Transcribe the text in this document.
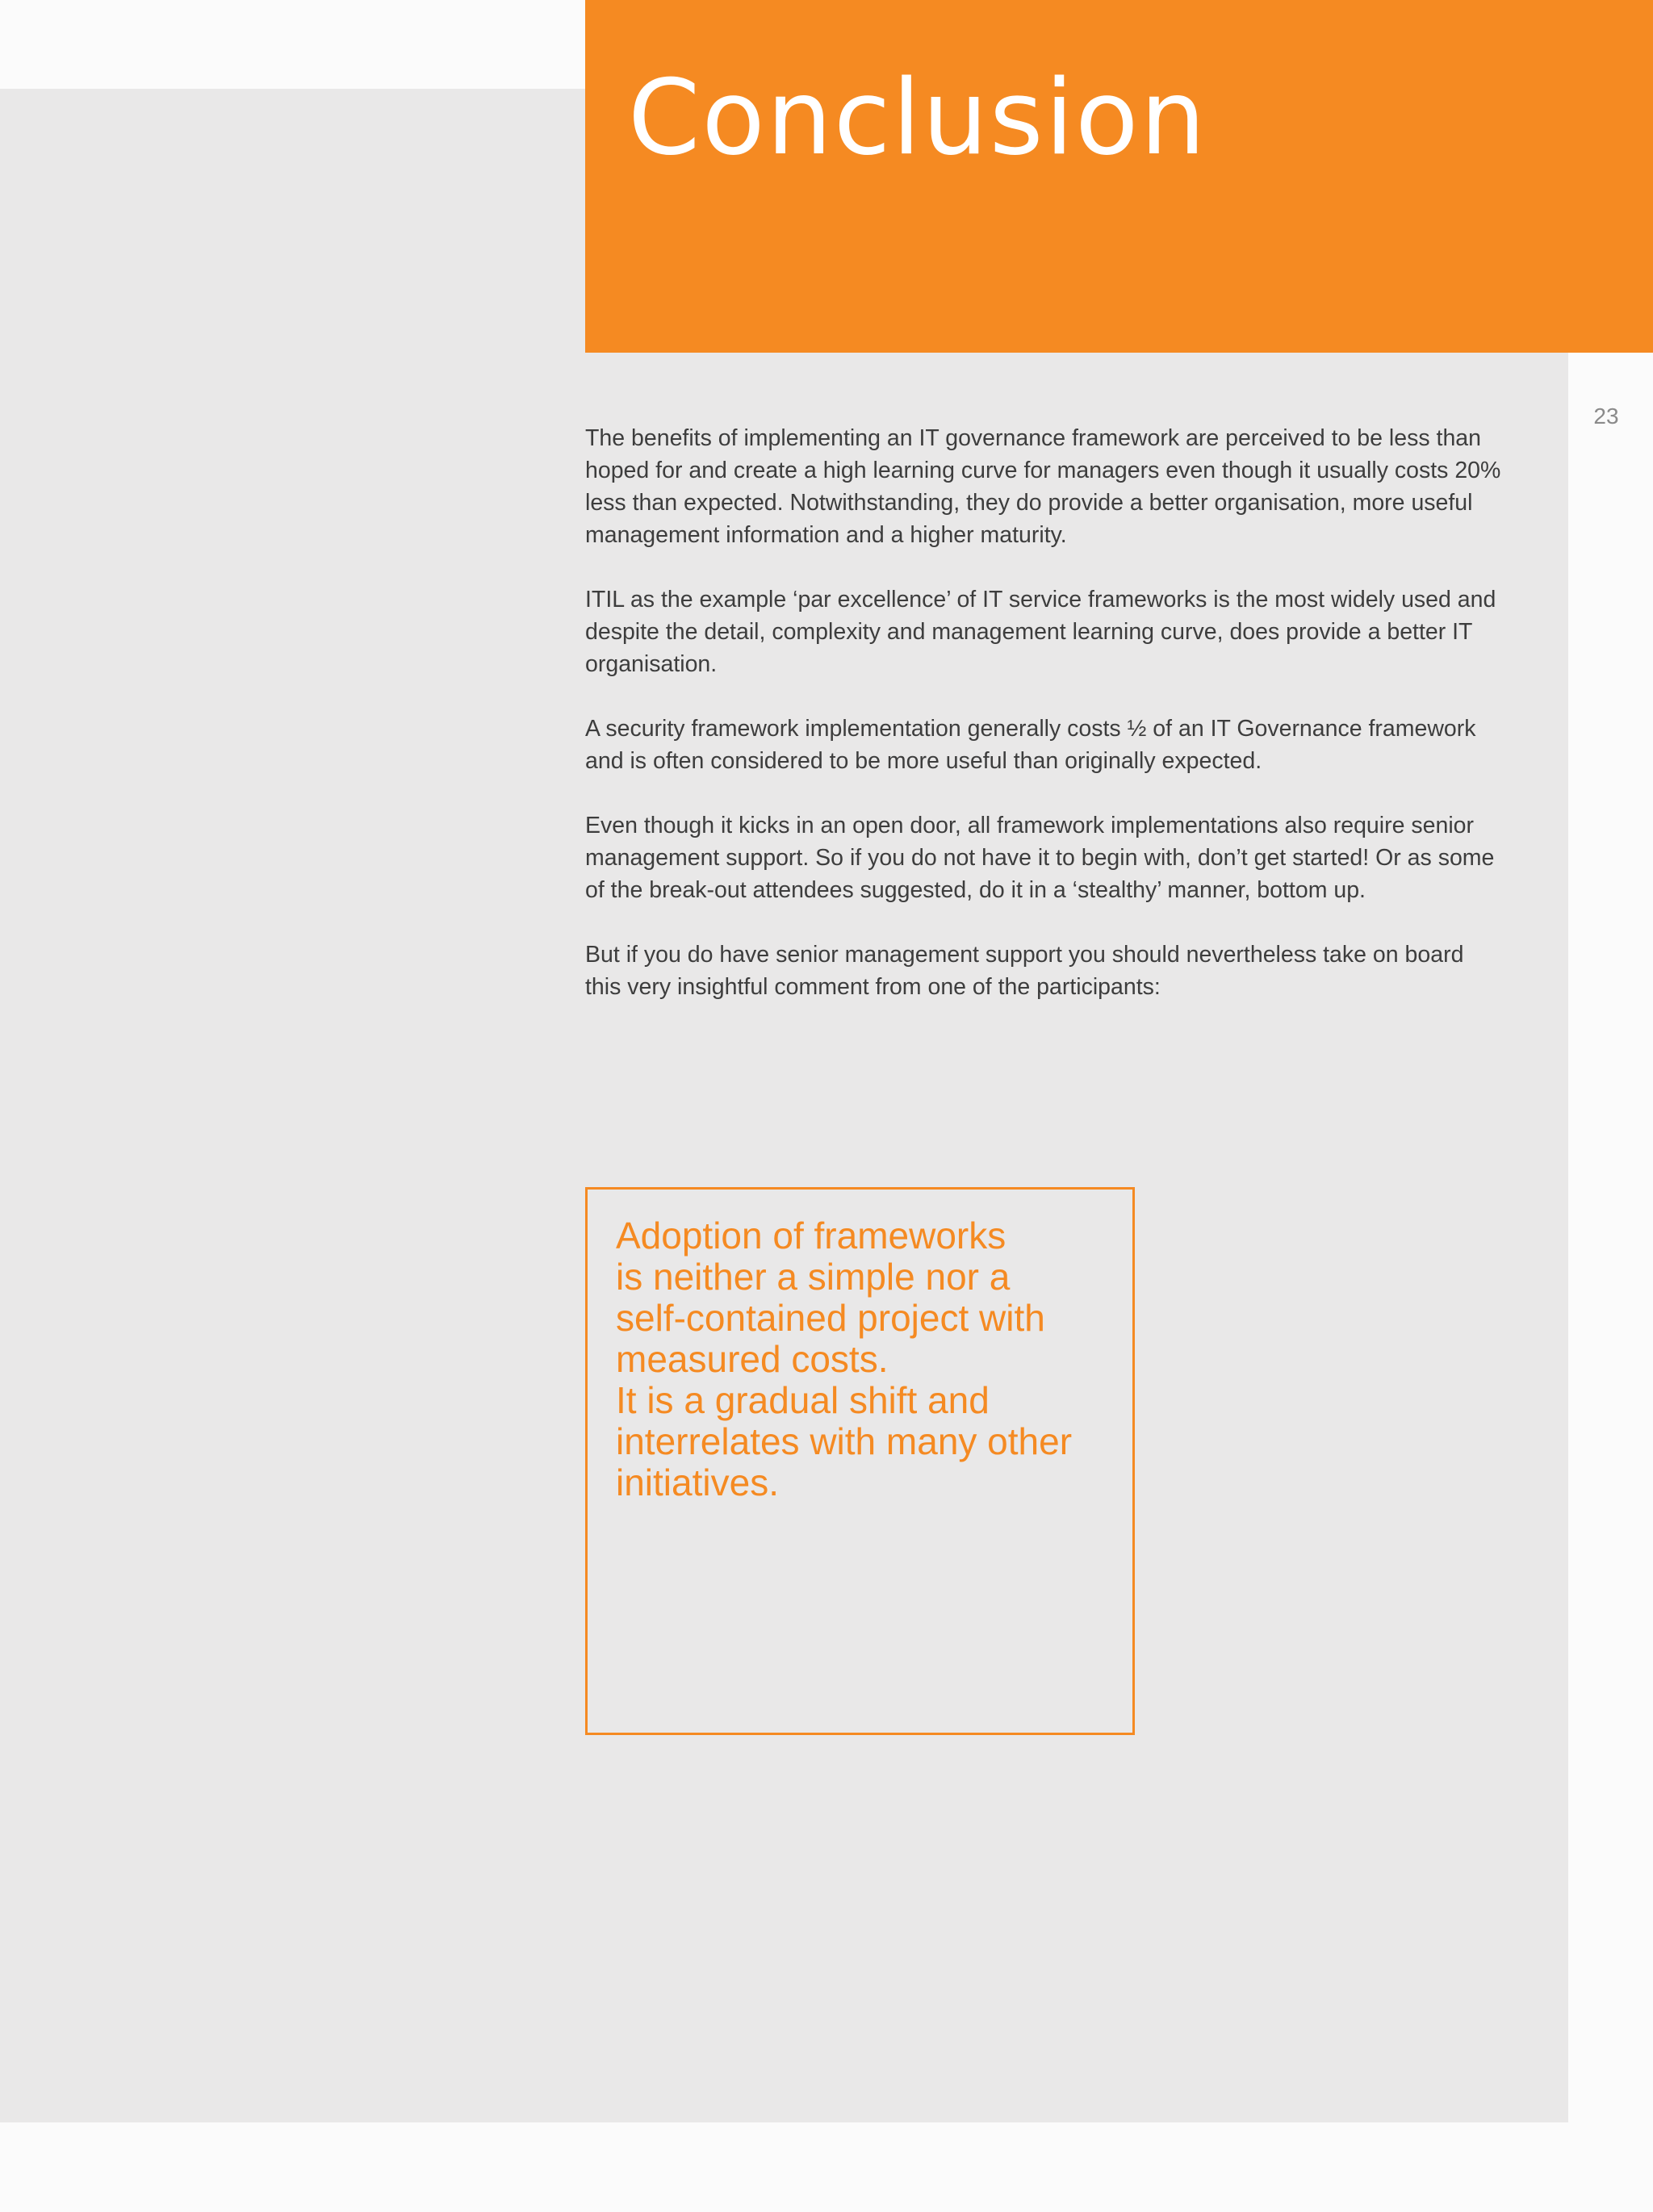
Conclusion
23

The benefits of implementing an IT governance framework are perceived to be less than hoped for and create a high learning curve for managers even though it usually costs 20% less than expected. Notwithstanding, they do provide a better organisation, more useful management information and a higher maturity.

ITIL as the example ‘par excellence’ of IT service frameworks is the most widely used and despite the detail, complexity and management learning curve, does provide a better IT organisation.

A security framework implementation generally costs ½ of an IT Governance framework and is often considered to be more useful than originally expected.

Even though it kicks in an open door, all framework implementations also require senior management support. So if you do not have it to begin with, don’t get started! Or as some of the break-out attendees suggested, do it in a ‘stealthy’ manner, bottom up.

But if you do have senior management support you should nevertheless take on board this very insightful comment from one of the participants:

Adoption of frameworks
is neither a simple nor a
self-contained project with
measured costs.
It is a gradual shift and
interrelates with many other
initiatives.
